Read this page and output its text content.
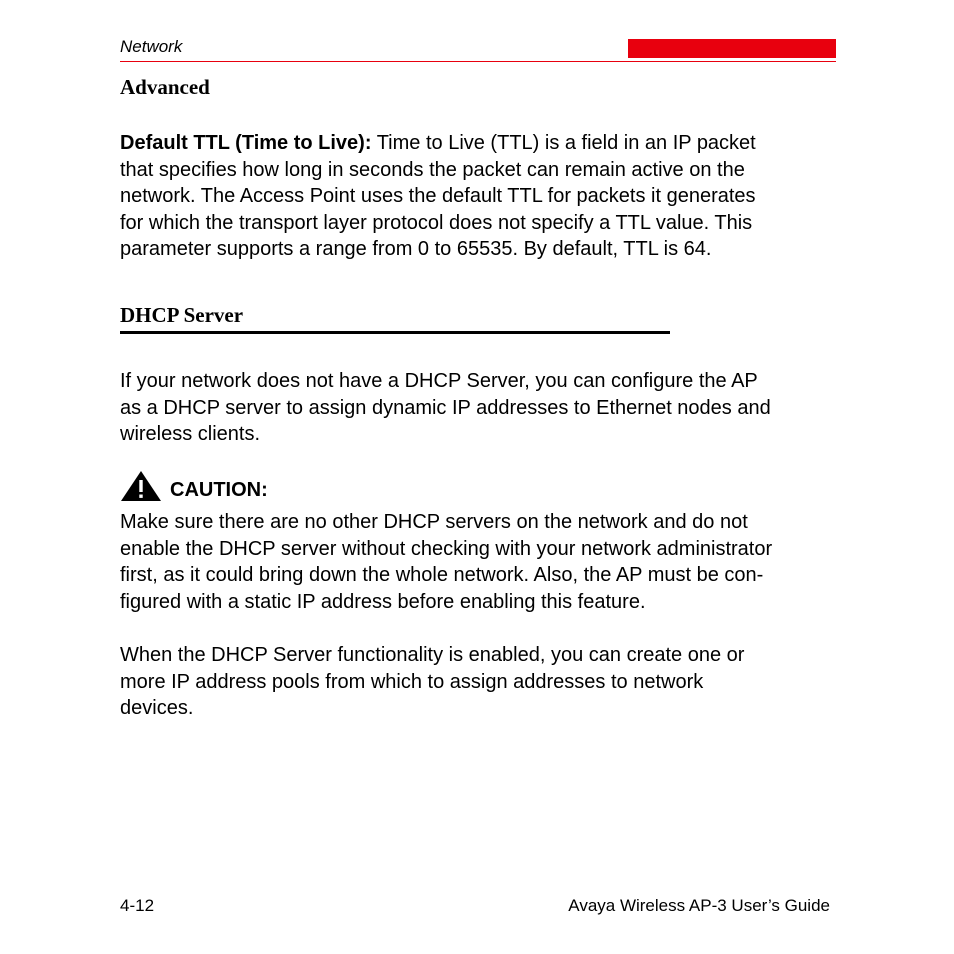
Network
Advanced
Default TTL (Time to Live): Time to Live (TTL) is a field in an IP packet
that specifies how long in seconds the packet can remain active on the
network. The Access Point uses the default TTL for packets it generates
for which the transport layer protocol does not specify a TTL value. This
parameter supports a range from 0 to 65535. By default, TTL is 64.
DHCP Server
If your network does not have a DHCP Server, you can configure the AP
as a DHCP server to assign dynamic IP addresses to Ethernet nodes and
wireless clients.
CAUTION:
Make sure there are no other DHCP servers on the network and do not
enable the DHCP server without checking with your network administrator
first, as it could bring down the whole network. Also, the AP must be con-
figured with a static IP address before enabling this feature.
When the DHCP Server functionality is enabled, you can create one or
more IP address pools from which to assign addresses to network
devices.
4-12	Avaya Wireless AP-3 User’s Guide
